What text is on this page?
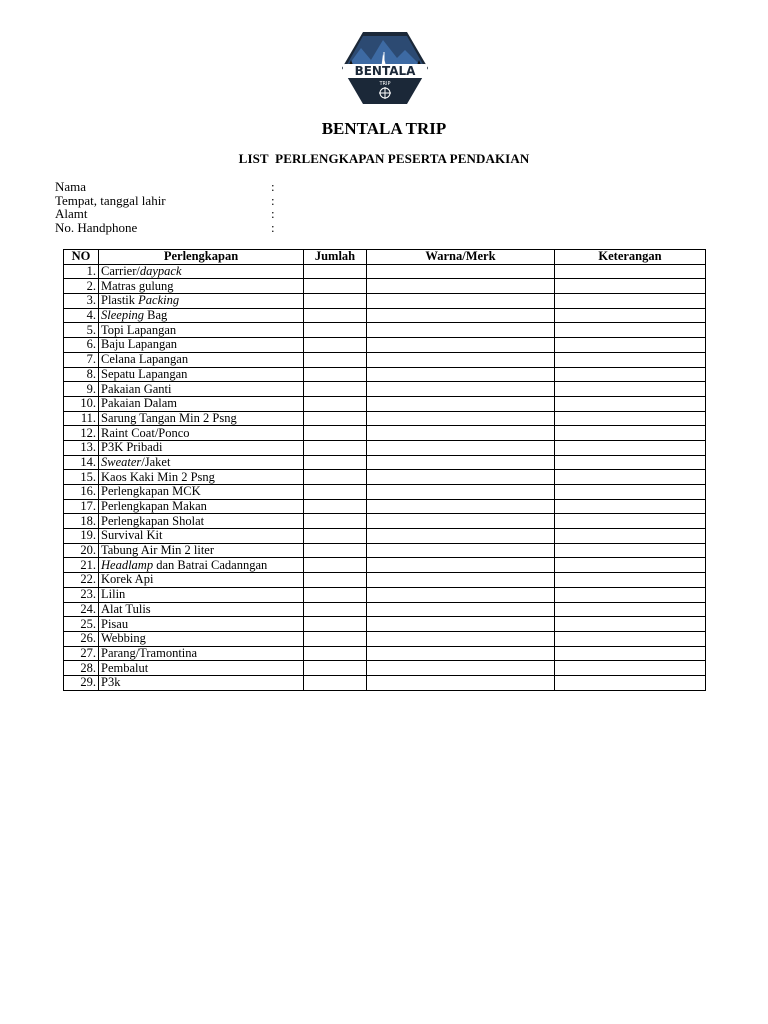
BENTALA
TRIP
BENTALA TRIP
LIST  PERLENGKAPAN PESERTA PENDAKIAN
Nama	:
Tempat, tanggal lahir	:
Alamt	:
No. Handphone	:
NO	Perlengkapan	Jumlah	Warna/Merk	Keterangan
1.	Carrier/daypack			
2.	Matras gulung			
3.	Plastik Packing			
4.	Sleeping Bag			
5.	Topi Lapangan			
6.	Baju Lapangan			
7.	Celana Lapangan			
8.	Sepatu Lapangan			
9.	Pakaian Ganti			
10.	Pakaian Dalam			
11.	Sarung Tangan Min 2 Psng			
12.	Raint Coat/Ponco			
13.	P3K Pribadi			
14.	Sweater/Jaket			
15.	Kaos Kaki Min 2 Psng			
16.	Perlengkapan MCK			
17.	Perlengkapan Makan			
18.	Perlengkapan Sholat			
19.	Survival Kit			
20.	Tabung Air Min 2 liter			
21.	Headlamp dan Batrai Cadanngan			
22.	Korek Api			
23.	Lilin			
24.	Alat Tulis			
25.	Pisau			
26.	Webbing			
27.	Parang/Tramontina			
28.	Pembalut			
29.	P3k			
